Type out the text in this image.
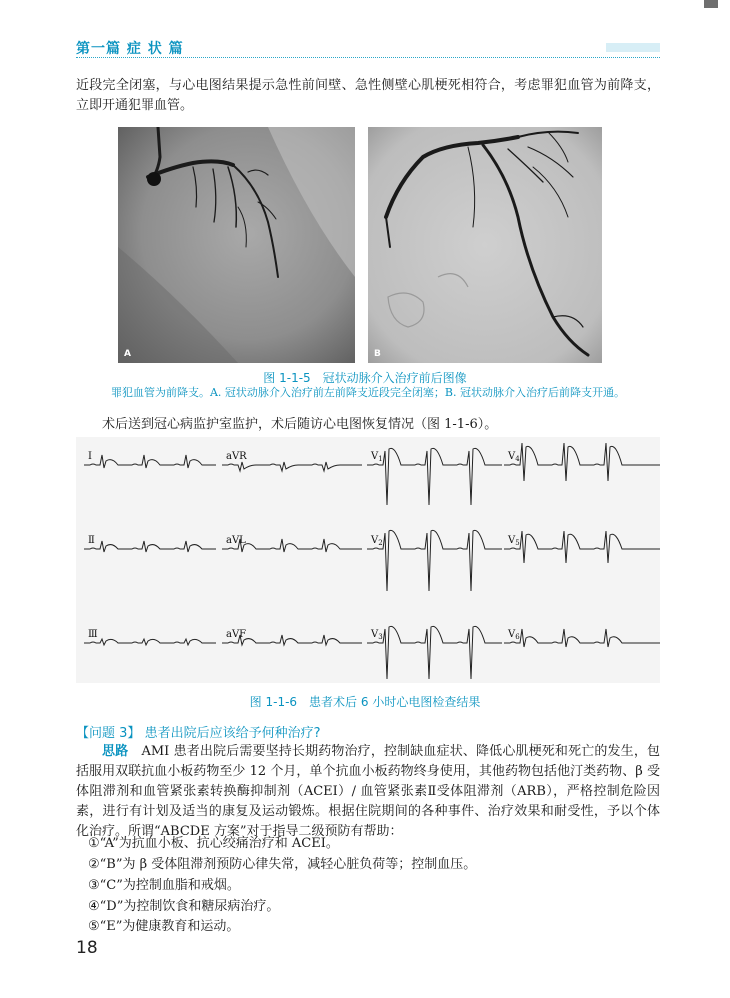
第一篇 症 状 篇
近段完全闭塞，与心电图结果提示急性前间壁、急性侧壁心肌梗死相符合，考虑罪犯血管为前降支，立即开通犯罪血管。
A	B
图 1-1-5　冠状动脉介入治疗前后图像
罪犯血管为前降支。A. 冠状动脉介入治疗前左前降支近段完全闭塞；B. 冠状动脉介入治疗后前降支开通。
术后送到冠心病监护室监护，术后随访心电图恢复情况（图 1-1-6）。
I
Ⅱ
Ⅲ
aVR
aVL
aVF
$V_1$
$V_2$
$V_3$
$V_4$
$V_5$
$V_6$
图 1-1-6　患者术后 6 小时心电图检查结果
【问题 3】 患者出院后应该给予何种治疗?
思路　 AMI 患者出院后需要坚持长期药物治疗，控制缺血症状、降低心肌梗死和死亡的发生，包括服用双联抗血小板药物至少 12 个月，单个抗血小板药物终身使用，其他药物包括他汀类药物、β 受体阻滞剂和血管紧张素转换酶抑制剂（ACEI）/ 血管紧张素Ⅱ受体阻滞剂（ARB），严格控制危险因素，进行有计划及适当的康复及运动锻炼。根据住院期间的各种事件、治疗效果和耐受性，予以个体化治疗。所谓“ABCDE 方案”对于指导二级预防有帮助：
①“A”为抗血小板、抗心绞痛治疗和 ACEI。
②“B”为 β 受体阻滞剂预防心律失常，减轻心脏负荷等；控制血压。
③“C”为控制血脂和戒烟。
④“D”为控制饮食和糖尿病治疗。
⑤“E”为健康教育和运动。
18
